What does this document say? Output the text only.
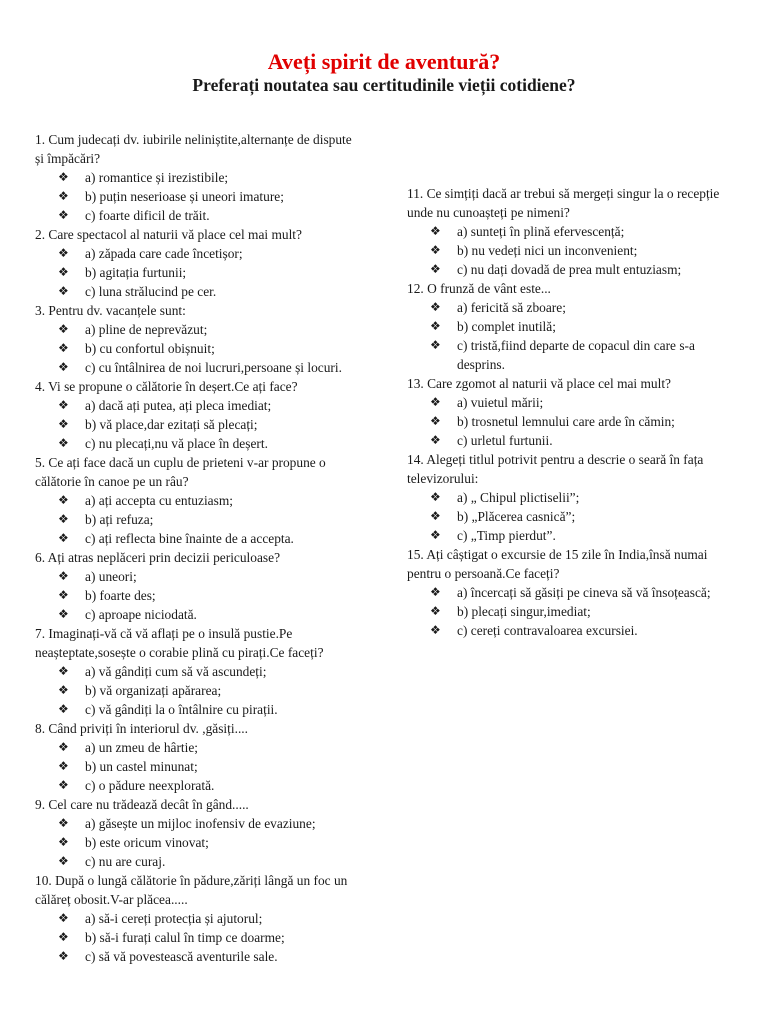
Aveți spirit de aventură?
Preferați noutatea sau certitudinile vieții cotidiene?

1. Cum judecați dv. iubirile neliniștite,alternanțe de dispute și împăcări?

❖ a) romantice și irezistibile;
❖ b) puțin neserioase și uneori imature;
❖ c) foarte dificil de trăit.

2. Care spectacol al naturii vă place cel mai mult?

❖ a) zăpada care cade încetișor;
❖ b) agitația furtunii;
❖ c) luna strălucind pe cer.

3. Pentru dv. vacanțele sunt:

❖ a) pline de neprevăzut;
❖ b) cu confortul obișnuit;
❖ c) cu întâlnirea de noi lucruri,persoane și locuri.

4. Vi se propune o călătorie în deșert.Ce ați face?

❖ a) dacă ați putea, ați pleca imediat;
❖ b) vă place,dar ezitați să plecați;
❖ c) nu plecați,nu vă place în deșert.

5. Ce ați face dacă un cuplu de prieteni v-ar propune o călătorie în canoe pe un râu?

❖ a) ați accepta cu entuziasm;
❖ b) ați refuza;
❖ c) ați reflecta bine înainte de a accepta.

6. Ați atras neplăceri prin decizii periculoase?

❖ a) uneori;
❖ b) foarte des;
❖ c) aproape niciodată.

7. Imaginați-vă că vă aflați pe o insulă pustie.Pe neașteptate,sosește o corabie plină cu pirați.Ce faceți?

❖ a) vă gândiți cum să vă ascundeți;
❖ b) vă organizați apărarea;
❖ c) vă gândiți la o întâlnire cu pirații.

8. Când priviți în interiorul dv. ,găsiți....

❖ a) un zmeu de hârtie;
❖ b) un castel minunat;
❖ c) o pădure neexplorată.

9. Cel care nu trădează decât în gând.....

❖ a) găsește un mijloc inofensiv de evaziune;
❖ b) este oricum vinovat;
❖ c) nu are curaj.

10. După o lungă călătorie în pădure,zăriți lângă un foc un călăreț obosit.V-ar plăcea.....

❖ a) să-i cereți protecția și ajutorul;
❖ b) să-i furați calul în timp ce doarme;
❖ c) să vă povestească aventurile sale.

11. Ce simțiți dacă ar trebui să mergeți singur la o recepție unde nu cunoașteți pe nimeni?

❖ a) sunteți în plină efervescență;
❖ b) nu vedeți nici un inconvenient;
❖ c) nu dați dovadă de prea mult entuziasm;

12. O frunză de vânt este...

❖ a) fericită să zboare;
❖ b) complet inutilă;
❖ c) tristă,fiind departe de copacul din care s-a desprins.

13. Care zgomot al naturii vă place cel mai mult?

❖ a) vuietul mării;
❖ b) trosnetul lemnului care arde în cămin;
❖ c) urletul furtunii.

14. Alegeți titlul potrivit pentru a descrie o seară în fața televizorului:

❖ a) „ Chipul plictiselii”;
❖ b) „Plăcerea casnică”;
❖ c) „Timp pierdut”.

15. Ați câștigat o excursie de 15 zile în India,însă numai pentru o persoană.Ce faceți?

❖ a) încercați să găsiți pe cineva să vă însoțească;
❖ b) plecați singur,imediat;
❖ c) cereți contravaloarea excursiei.
